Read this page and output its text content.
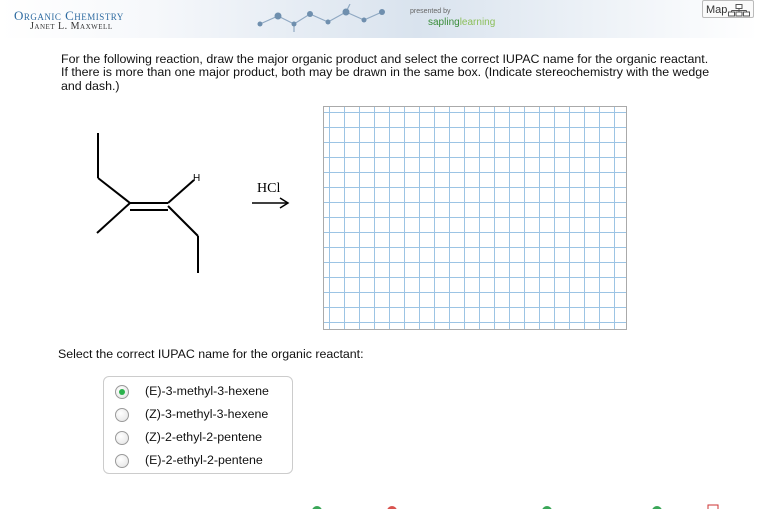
Organic Chemistry
Janet L. Maxwell
presented by
saplinglearning
Map
For the following reaction, draw the major organic product and select the correct IUPAC name for the organic reactant. If there is more than one major product, both may be drawn in the same box. (Indicate stereochemistry with the wedge and dash.)
H
HCl
Select the correct IUPAC name for the organic reactant:
(E)-3-methyl-3-hexene
(Z)-3-methyl-3-hexene
(Z)-2-ethyl-2-pentene
(E)-2-ethyl-2-pentene
